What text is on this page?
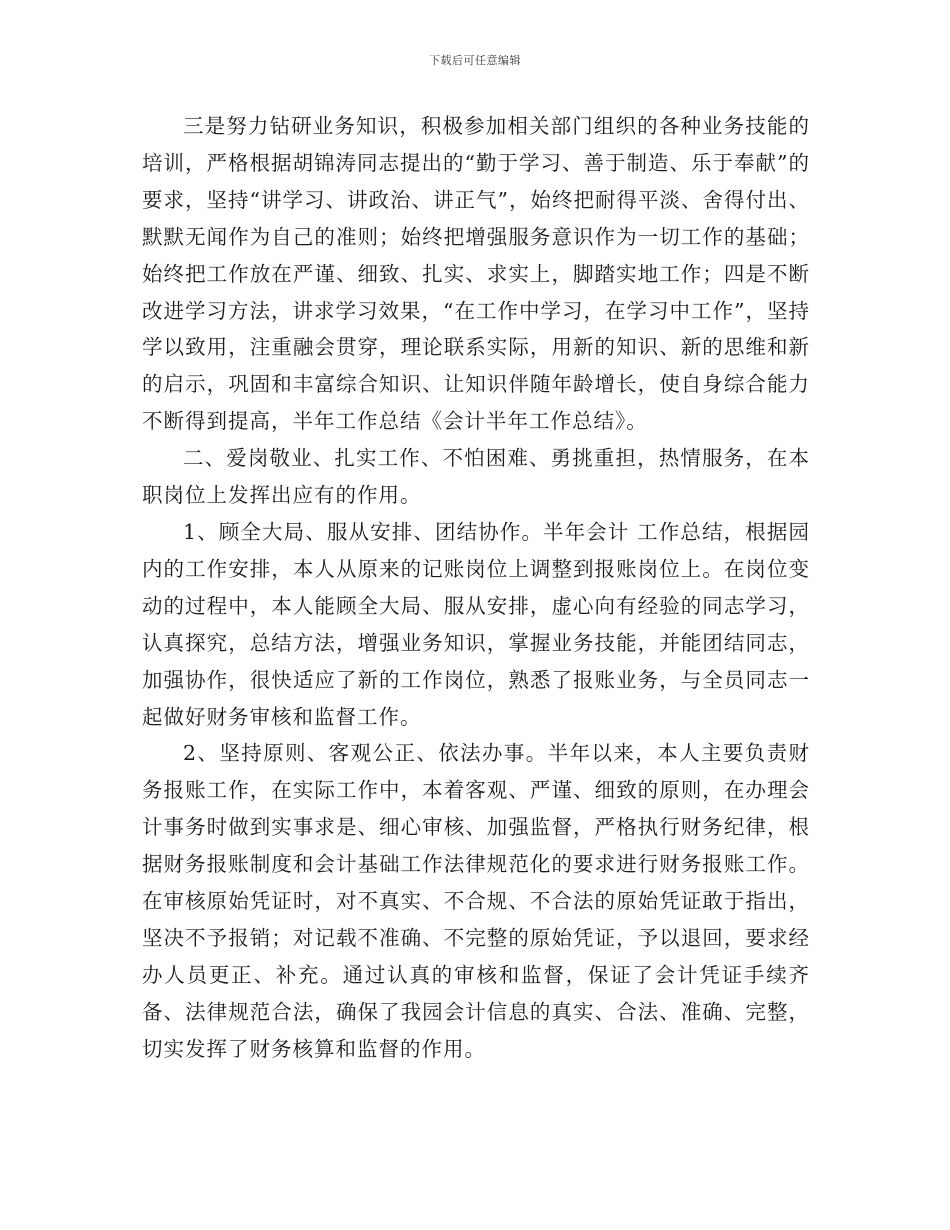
下载后可任意编辑

三是努力钻研业务知识，积极参加相关部门组织的各种业务技能的培训，严格根据胡锦涛同志提出的“勤于学习、善于制造、乐于奉献”的要求，坚持“讲学习、讲政治、讲正气”，始终把耐得平淡、舍得付出、默默无闻作为自己的准则；始终把增强服务意识作为一切工作的基础；始终把工作放在严谨、细致、扎实、求实上，脚踏实地工作；四是不断改进学习方法，讲求学习效果，“在工作中学习，在学习中工作”，坚持学以致用，注重融会贯穿，理论联系实际，用新的知识、新的思维和新的启示，巩固和丰富综合知识、让知识伴随年龄增长，使自身综合能力不断得到提高，半年工作总结《会计半年工作总结》。

二、爱岗敬业、扎实工作、不怕困难、勇挑重担，热情服务，在本职岗位上发挥出应有的作用。

1、顾全大局、服从安排、团结协作。半年会计 工作总结，根据园内的工作安排，本人从原来的记账岗位上调整到报账岗位上。在岗位变动的过程中，本人能顾全大局、服从安排，虚心向有经验的同志学习，认真探究，总结方法，增强业务知识，掌握业务技能，并能团结同志，加强协作，很快适应了新的工作岗位，熟悉了报账业务，与全员同志一起做好财务审核和监督工作。

2、坚持原则、客观公正、依法办事。半年以来，本人主要负责财务报账工作，在实际工作中，本着客观、严谨、细致的原则，在办理会计事务时做到实事求是、细心审核、加强监督，严格执行财务纪律，根据财务报账制度和会计基础工作法律规范化的要求进行财务报账工作。在审核原始凭证时，对不真实、不合规、不合法的原始凭证敢于指出，坚决不予报销；对记载不准确、不完整的原始凭证，予以退回，要求经办人员更正、补充。通过认真的审核和监督，保证了会计凭证手续齐备、法律规范合法，确保了我园会计信息的真实、合法、准确、完整，切实发挥了财务核算和监督的作用。
